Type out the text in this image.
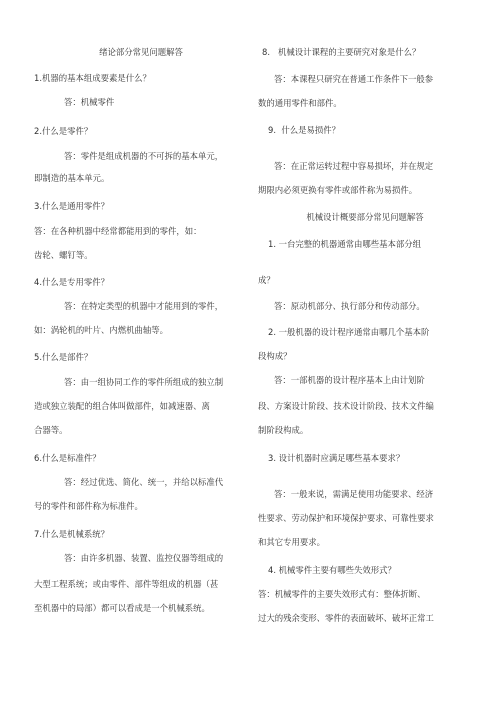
绪论部分常见问题解答
1.机器的基本组成要素是什么？
答：机械零件
2.什么是零件？
答：零件是组成机器的不可拆的基本单元，
即制造的基本单元。
3.什么是通用零件？
答：在各种机器中经常都能用到的零件，如：
齿轮、螺钉等。
4.什么是专用零件？
答：在特定类型的机器中才能用到的零件，
如：涡轮机的叶片、内燃机曲轴等。
5.什么是部件？
答：由一组协同工作的零件所组成的独立制
造或独立装配的组合体叫做部件，如减速器、离
合器等。
6.什么是标准件？
答：经过优选、简化、统一，并给以标准代
号的零件和部件称为标准件。
7.什么是机械系统？
答：由许多机器、装置、监控仪器等组成的
大型工程系统；或由零件、部件等组成的机器（甚
至机器中的局部）都可以看成是一个机械系统。
8. 机械设计课程的主要研究对象是什么？
答：本课程只研究在普通工作条件下一般参
数的通用零件和部件。
9. 什么是易损件？
答：在正常运转过程中容易损坏，并在规定
期限内必须更换有零件或部件称为易损件。
机械设计概要部分常见问题解答
1. 一台完整的机器通常由哪些基本部分组
成？
答：原动机部分、执行部分和传动部分。
2. 一般机器的设计程序通常由哪几个基本阶
段构成？
答：一部机器的设计程序基本上由计划阶
段、方案设计阶段、技术设计阶段、技术文件编
制阶段构成。
3. 设计机器时应满足哪些基本要求？
答：一般来说，需满足使用功能要求、经济
性要求、劳动保护和环境保护要求、可靠性要求
和其它专用要求。
4. 机械零件主要有哪些失效形式？
答：机械零件的主要失效形式有：整体折断、
过大的残余变形、零件的表面破坏、破坏正常工
